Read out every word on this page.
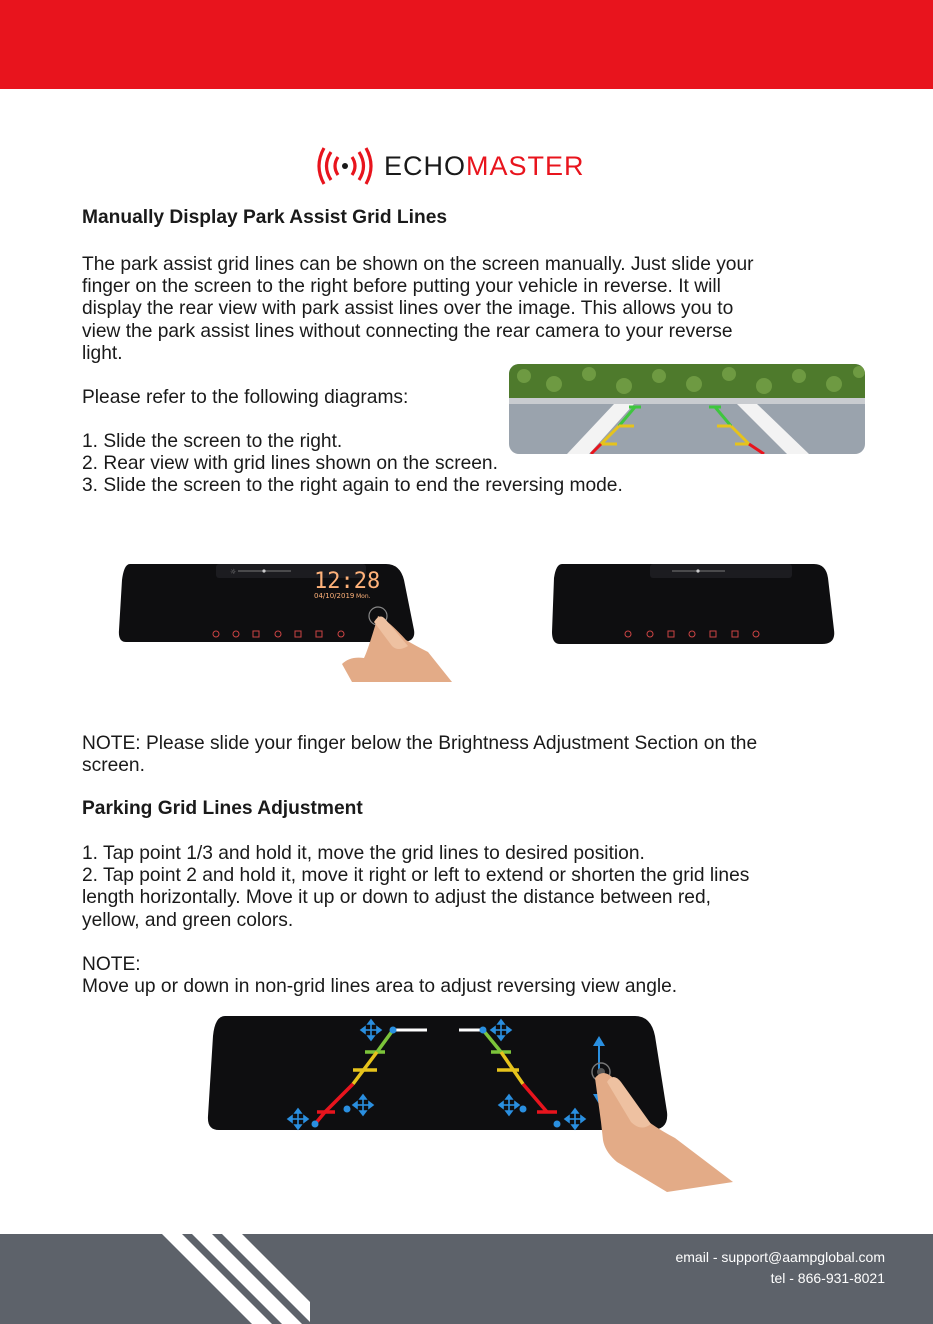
ECHOMASTER

Manually Display Park Assist Grid Lines

The park assist grid lines can be shown on the screen manually. Just slide your
finger on the screen to the right before putting your vehicle in reverse. It will
display the rear view with park assist lines over the image. This allows you to
view the park assist lines without connecting the rear camera to your reverse
light.

Please refer to the following diagrams:

1. Slide the screen to the right.
2. Rear view with grid lines shown on the screen.
3. Slide the screen to the right again to end the reversing mode.
☼	12:28
04/10/2019 Mon.
NOTE: Please slide your finger below the Brightness Adjustment Section on the
screen.

Parking Grid Lines Adjustment

1. Tap point 1/3 and hold it, move the grid lines to desired position.
2. Tap point 2 and hold it, move it right or left to extend or shorten the grid lines
length horizontally. Move it up or down to adjust the distance between red,
yellow, and green colors.
NOTE:
Move up or down in non-grid lines area to adjust reversing view angle.
email - support@aampglobal.com
tel - 866-931-8021
